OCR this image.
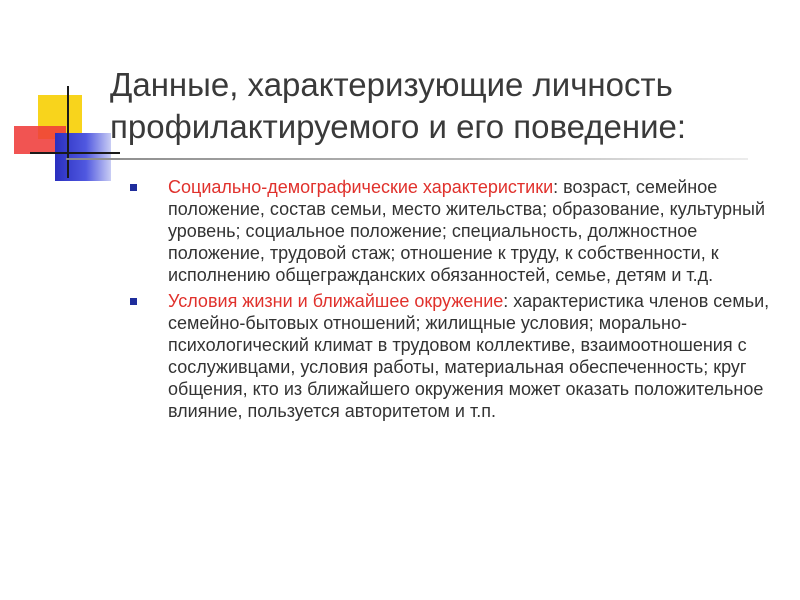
Данные, характеризующие личность профилактируемого и его поведение:
Социально-демографические характеристики: возраст, семейное положение, состав семьи, место жительства; образование, культурный уровень; социальное положение; специальность, должностное положение, трудовой стаж; отношение к труду, к собственности, к исполнению общегражданских обязанностей, семье, детям и т.д.
Условия жизни и ближайшее окружение: характеристика членов семьи, семейно-бытовых отношений; жилищные условия; морально-психологический климат в трудовом коллективе, взаимоотношения с сослуживцами, условия работы, материальная обеспеченность; круг общения, кто из ближайшего окружения может оказать положительное влияние, пользуется авторитетом и т.п.
